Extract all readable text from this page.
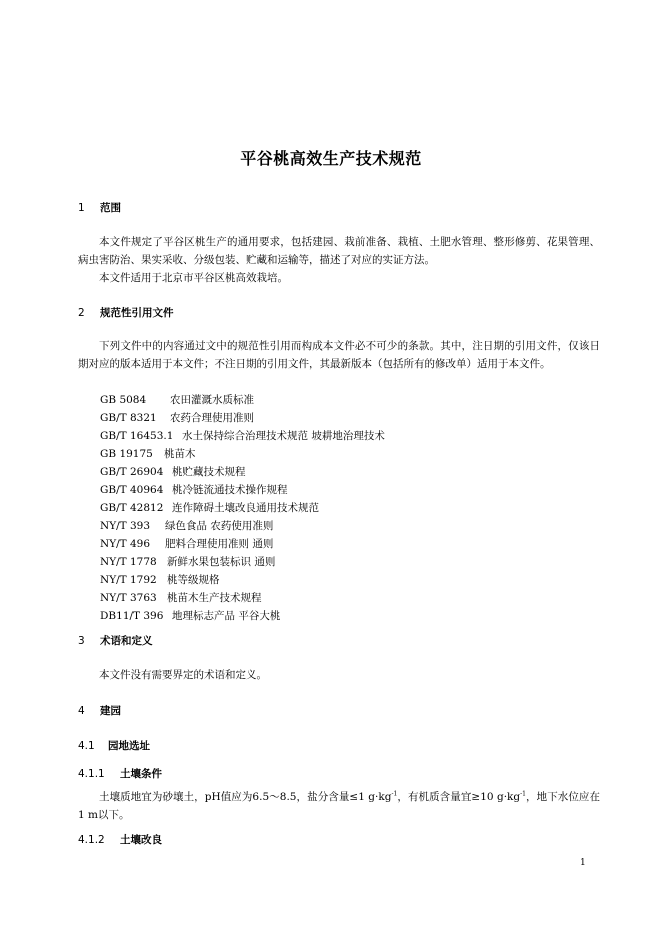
平谷桃高效生产技术规范
1 范围
本文件规定了平谷区桃生产的通用要求，包括建园、栽前准备、栽植、土肥水管理、整形修剪、花果管理、病虫害防治、果实采收、分级包装、贮藏和运输等，描述了对应的实证方法。
本文件适用于北京市平谷区桃高效栽培。
2 规范性引用文件
下列文件中的内容通过文中的规范性引用而构成本文件必不可少的条款。其中，注日期的引用文件，仅该日期对应的版本适用于本文件；不注日期的引用文件，其最新版本（包括所有的修改单）适用于本文件。
GB 5084 农田灌溉水质标准
GB/T 8321 农药合理使用准则
GB/T 16453.1 水土保持综合治理技术规范 坡耕地治理技术
GB 19175 桃苗木
GB/T 26904 桃贮藏技术规程
GB/T 40964 桃冷链流通技术操作规程
GB/T 42812 连作障碍土壤改良通用技术规范
NY/T 393 绿色食品 农药使用准则
NY/T 496 肥料合理使用准则 通则
NY/T 1778 新鲜水果包装标识 通则
NY/T 1792 桃等级规格
NY/T 3763 桃苗木生产技术规程
DB11/T 396 地理标志产品 平谷大桃
3 术语和定义
本文件没有需要界定的术语和定义。
4 建园
4.1 园地选址
4.1.1 土壤条件
土壤质地宜为砂壤土，pH值应为6.5～8.5，盐分含量≤1 $g\cdot kg^{-1}$，有机质含量宜≥10 $g\cdot kg^{-1}$，地下水位应在1 m以下。
4.1.2 土壤改良
1
